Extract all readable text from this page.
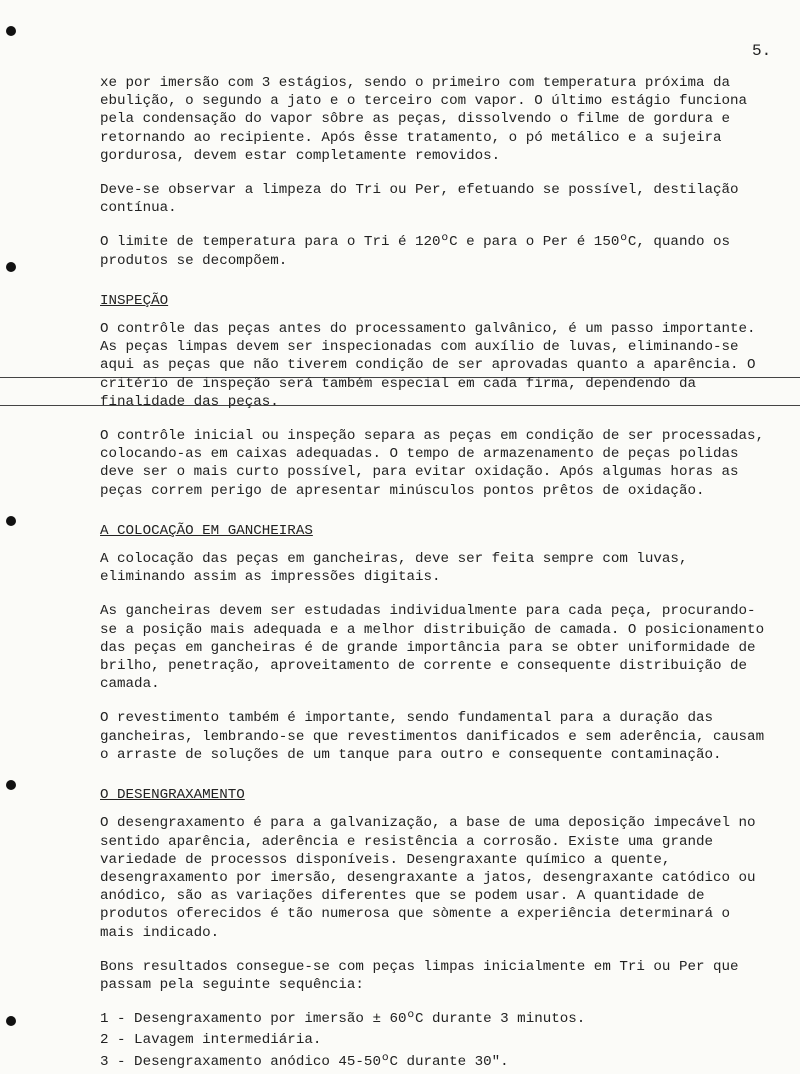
5.

xe por imersão com 3 estágios, sendo o primeiro com temperatura próxima da ebulição, o segundo a jato e o terceiro com vapor. O último estágio funciona pela condensação do vapor sôbre as peças, dissolvendo o filme de gordura e retornando ao recipiente. Após êsse tratamento, o pó metálico e a sujeira gordurosa, devem estar completamente removidos.

Deve-se observar a limpeza do Tri ou Per, efetuando se possível, destilação contínua.

O limite de temperatura para o Tri é 120ºC e para o Per é 150ºC, quando os produtos se decompõem.

INSPEÇÃO

O contrôle das peças antes do processamento galvânico, é um passo importante. As peças limpas devem ser inspecionadas com auxílio de luvas, eliminando-se aqui as peças que não tiverem condição de ser aprovadas quanto a aparência. O critério de inspeção será também especial em cada firma, dependendo da finalidade das peças.

O contrôle inicial ou inspeção separa as peças em condição de ser processadas, colocando-as em caixas adequadas. O tempo de armazenamento de peças polidas deve ser o mais curto possível, para evitar oxidação. Após algumas horas as peças correm perigo de apresentar minúsculos pontos prêtos de oxidação.

A COLOCAÇÃO EM GANCHEIRAS

A colocação das peças em gancheiras, deve ser feita sempre com luvas, eliminando assim as impressões digitais.

As gancheiras devem ser estudadas individualmente para cada peça, procurando-se a posição mais adequada e a melhor distribuição de camada. O posicionamento das peças em gancheiras é de grande importância para se obter uniformidade de brilho, penetração, aproveitamento de corrente e consequente distribuição de camada.

O revestimento também é importante, sendo fundamental para a duração das gancheiras, lembrando-se que revestimentos danificados e sem aderência, causam o arraste de soluções de um tanque para outro e consequente contaminação.

O DESENGRAXAMENTO

O desengraxamento é para a galvanização, a base de uma deposição impecável no sentido aparência, aderência e resistência a corrosão. Existe uma grande variedade de processos disponíveis. Desengraxante químico a quente, desengraxamento por imersão, desengraxante a jatos, desengraxante catódico ou anódico, são as variações diferentes que se podem usar. A quantidade de produtos oferecidos é tão numerosa que sòmente a experiência determinará o mais indicado.

Bons resultados consegue-se com peças limpas inicialmente em Tri ou Per que passam pela seguinte sequência:

1 - Desengraxamento por imersão ± 60ºC durante 3 minutos.
2 - Lavagem intermediária.
3 - Desengraxamento anódico 45-50ºC durante 30".
